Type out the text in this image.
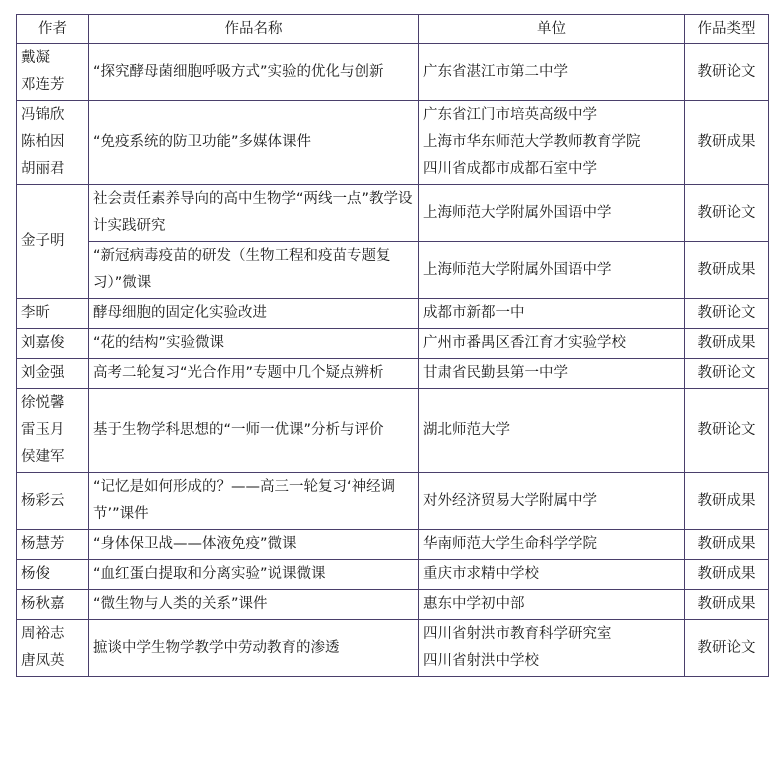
作者	作品名称	单位	作品类型

戴凝
邓连芳	“探究酵母菌细胞呼吸方式”实验的优化与创新	广东省湛江市第二中学	教研论文

冯锦欣
陈柏因
胡丽君	“免疫系统的防卫功能”多媒体课件	广东省江门市培英高级中学
上海市华东师范大学教师教育学院
四川省成都市成都石室中学	教研成果

金子明	社会责任素养导向的高中生物学“两线一点”教学设计实践研究	上海师范大学附属外国语中学	教研论文

	“新冠病毒疫苗的研发（生物工程和疫苗专题复习）”微课	上海师范大学附属外国语中学	教研成果

李昕	酵母细胞的固定化实验改进	成都市新都一中	教研论文

刘嘉俊	“花的结构”实验微课	广州市番禺区香江育才实验学校	教研成果

刘金强	高考二轮复习“光合作用”专题中几个疑点辨析	甘肃省民勤县第一中学	教研论文

徐悦馨
雷玉月
侯建军	基于生物学科思想的“一师一优课”分析与评价	湖北师范大学	教研论文

杨彩云	“记忆是如何形成的？——高三一轮复习‘神经调节’”课件	对外经济贸易大学附属中学	教研成果

杨慧芳	“身体保卫战——体液免疫”微课	华南师范大学生命科学学院	教研成果

杨俊	“血红蛋白提取和分离实验”说课微课	重庆市求精中学校	教研成果

杨秋嘉	“微生物与人类的关系”课件	惠东中学初中部	教研成果

周裕志
唐凤英	摭谈中学生物学教学中劳动教育的渗透	四川省射洪市教育科学研究室
四川省射洪中学校	教研论文
